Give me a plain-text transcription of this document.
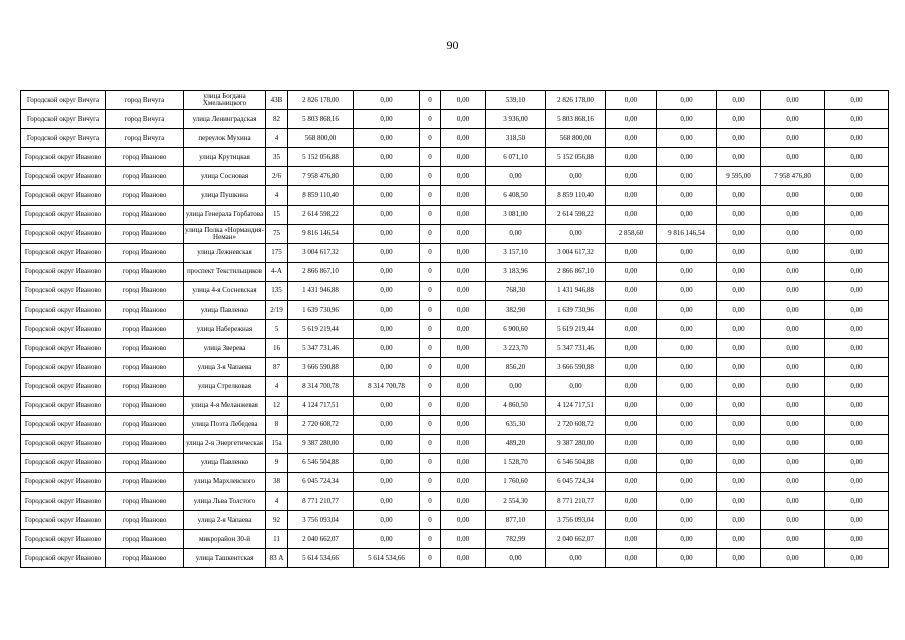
90
Городской округ Вичуга	город Вичуга	улица Богдана Хмельницкого	43В	2 826 178,00	0,00	0	0,00	539,10	2 826 178,00	0,00	0,00	0,00	0,00	0,00
Городской округ Вичуга	город Вичуга	улица Ленинградская	82	5 803 868,16	0,00	0	0,00	3 936,00	5 803 868,16	0,00	0,00	0,00	0,00	0,00
Городской округ Вичуга	город Вичуга	переулок Мухина	4	568 800,00	0,00	0	0,00	318,50	568 800,00	0,00	0,00	0,00	0,00	0,00
Городской округ Иваново	город Иваново	улица Крутицкая	35	5 152 056,88	0,00	0	0,00	6 071,10	5 152 056,88	0,00	0,00	0,00	0,00	0,00
Городской округ Иваново	город Иваново	улица Сосновая	2/6	7 958 476,80	0,00	0	0,00	0,00	0,00	0,00	0,00	9 595,00	7 958 476,80	0,00
Городской округ Иваново	город Иваново	улица Пушкина	4	8 859 110,40	0,00	0	0,00	6 408,50	8 859 110,40	0,00	0,00	0,00	0,00	0,00
Городской округ Иваново	город Иваново	улица Генерала Горбатова	15	2 614 598,22	0,00	0	0,00	3 081,00	2 614 598,22	0,00	0,00	0,00	0,00	0,00
Городской округ Иваново	город Иваново	улица Полка «Нормандия-Неман»	75	9 816 146,54	0,00	0	0,00	0,00	0,00	2 858,60	9 816 146,54	0,00	0,00	0,00
Городской округ Иваново	город Иваново	улица Лежневская	175	3 004 617,32	0,00	0	0,00	3 157,10	3 004 617,32	0,00	0,00	0,00	0,00	0,00
Городской округ Иваново	город Иваново	проспект Текстильщиков	4-А	2 866 867,10	0,00	0	0,00	3 183,96	2 866 867,10	0,00	0,00	0,00	0,00	0,00
Городской округ Иваново	город Иваново	улица 4-я Сосневская	135	1 431 946,88	0,00	0	0,00	768,30	1 431 946,88	0,00	0,00	0,00	0,00	0,00
Городской округ Иваново	город Иваново	улица Павленко	2/19	1 639 730,96	0,00	0	0,00	382,90	1 639 730,96	0,00	0,00	0,00	0,00	0,00
Городской округ Иваново	город Иваново	улица Набережная	5	5 619 219,44	0,00	0	0,00	6 900,60	5 619 219,44	0,00	0,00	0,00	0,00	0,00
Городской округ Иваново	город Иваново	улица Зверева	16	5 347 731,46	0,00	0	0,00	3 223,70	5 347 731,46	0,00	0,00	0,00	0,00	0,00
Городской округ Иваново	город Иваново	улица 3-я Чапаева	87	3 666 590,88	0,00	0	0,00	856,20	3 666 590,88	0,00	0,00	0,00	0,00	0,00
Городской округ Иваново	город Иваново	улица Стрелковая	4	8 314 700,78	8 314 700,78	0	0,00	0,00	0,00	0,00	0,00	0,00	0,00	0,00
Городской округ Иваново	город Иваново	улица 4-я Меланжевая	12	4 124 717,51	0,00	0	0,00	4 860,50	4 124 717,51	0,00	0,00	0,00	0,00	0,00
Городской округ Иваново	город Иваново	улица Поэта Лебедева	8	2 720 608,72	0,00	0	0,00	635,30	2 720 608,72	0,00	0,00	0,00	0,00	0,00
Городской округ Иваново	город Иваново	улица 2-я Энергетическая	15а	9 387 280,00	0,00	0	0,00	489,20	9 387 280,00	0,00	0,00	0,00	0,00	0,00
Городской округ Иваново	город Иваново	улица Павленко	9	6 546 504,88	0,00	0	0,00	1 528,70	6 546 504,88	0,00	0,00	0,00	0,00	0,00
Городской округ Иваново	город Иваново	улица Мархлевского	38	6 045 724,34	0,00	0	0,00	1 760,60	6 045 724,34	0,00	0,00	0,00	0,00	0,00
Городской округ Иваново	город Иваново	улица Льва Толстого	4	8 771 210,77	0,00	0	0,00	2 554,30	8 771 210,77	0,00	0,00	0,00	0,00	0,00
Городской округ Иваново	город Иваново	улица 2-я Чапаева	92	3 756 093,04	0,00	0	0,00	877,10	3 756 093,04	0,00	0,00	0,00	0,00	0,00
Городской округ Иваново	город Иваново	микрорайон 30-й	11	2 040 662,07	0,00	0	0,00	782,99	2 040 662,07	0,00	0,00	0,00	0,00	0,00
Городской округ Иваново	город Иваново	улица Ташкентская	83 А	5 614 534,66	5 614 534,66	0	0,00	0,00	0,00	0,00	0,00	0,00	0,00	0,00
